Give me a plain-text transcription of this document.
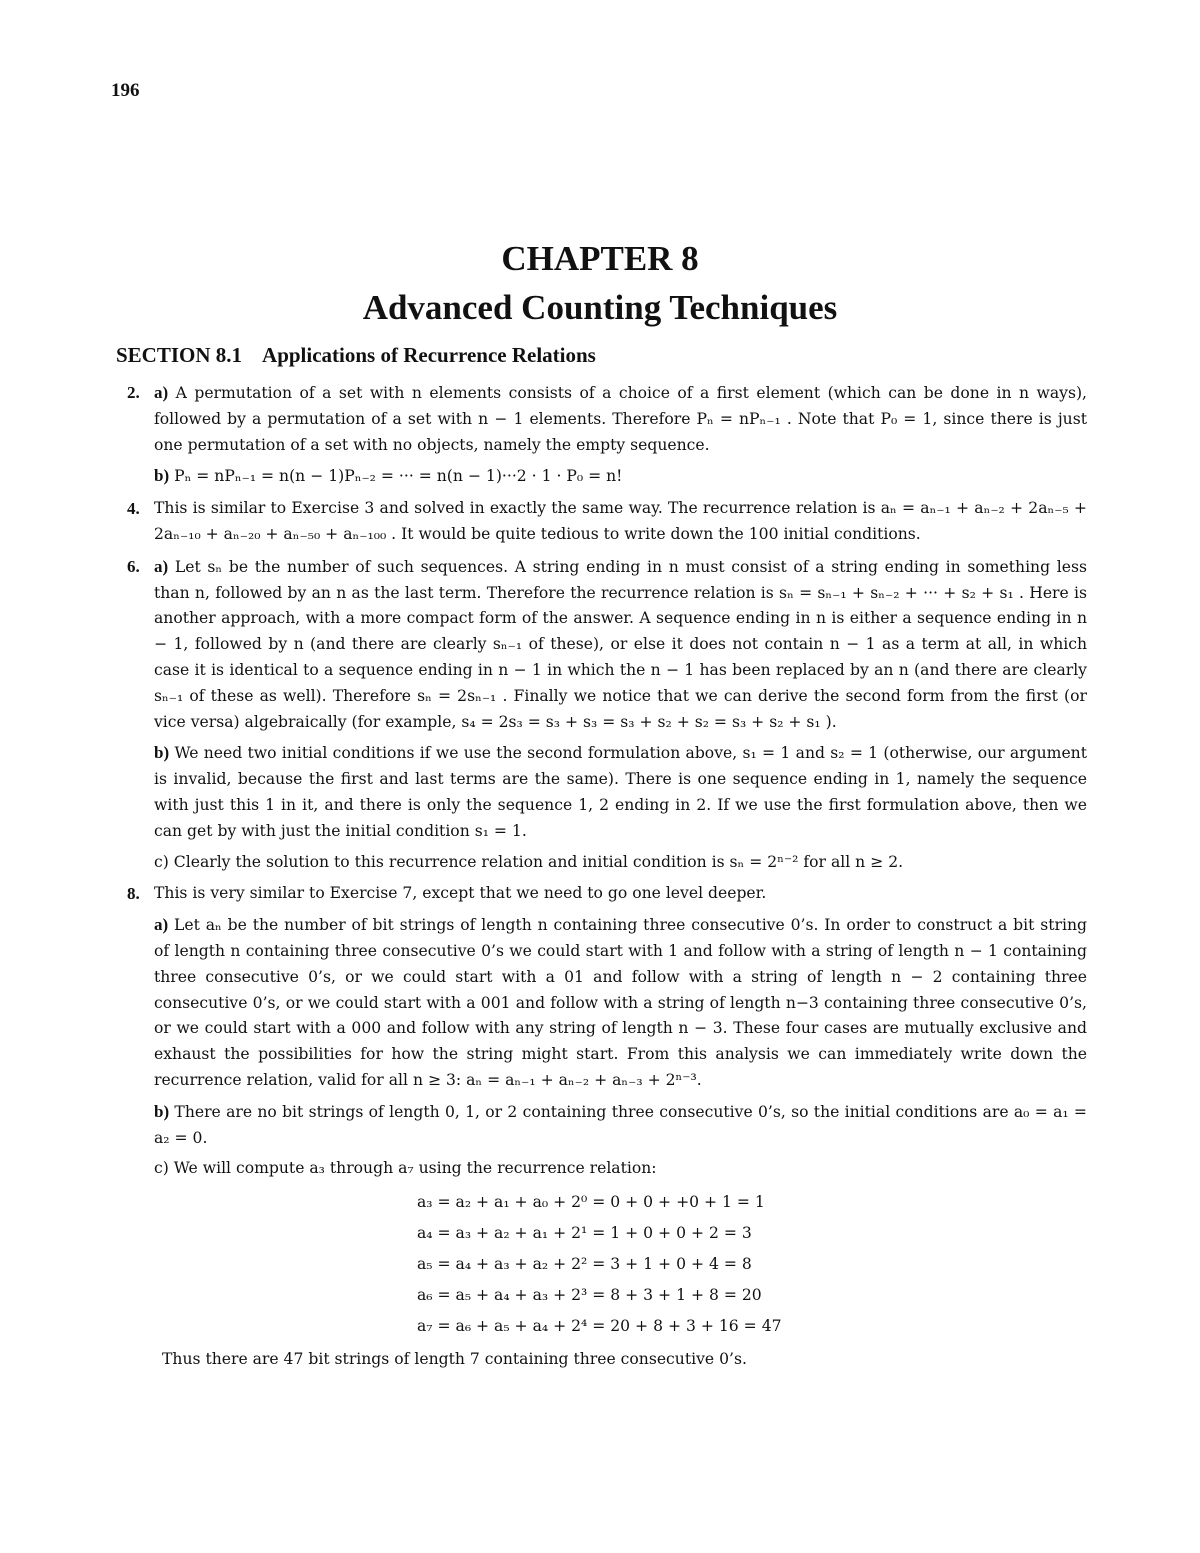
196
CHAPTER 8
Advanced Counting Techniques
SECTION 8.1 Applications of Recurrence Relations
2. a) A permutation of a set with n elements consists of a choice of a first element (which can be done in n ways), followed by a permutation of a set with n − 1 elements. Therefore Pₙ = nPₙ₋₁ . Note that P₀ = 1, since there is just one permutation of a set with no objects, namely the empty sequence.

b) Pₙ = nPₙ₋₁ = n(n − 1)Pₙ₋₂ = ··· = n(n − 1)···2 · 1 · P₀ = n!

4. This is similar to Exercise 3 and solved in exactly the same way. The recurrence relation is aₙ = aₙ₋₁ + aₙ₋₂ + 2aₙ₋₅ + 2aₙ₋₁₀ + aₙ₋₂₀ + aₙ₋₅₀ + aₙ₋₁₀₀ . It would be quite tedious to write down the 100 initial conditions.

6. a) Let sₙ be the number of such sequences. A string ending in n must consist of a string ending in something less than n, followed by an n as the last term. Therefore the recurrence relation is sₙ = sₙ₋₁ + sₙ₋₂ + ··· + s₂ + s₁ . Here is another approach, with a more compact form of the answer. A sequence ending in n is either a sequence ending in n − 1, followed by n (and there are clearly sₙ₋₁ of these), or else it does not contain n − 1 as a term at all, in which case it is identical to a sequence ending in n − 1 in which the n − 1 has been replaced by an n (and there are clearly sₙ₋₁ of these as well). Therefore sₙ = 2sₙ₋₁ . Finally we notice that we can derive the second form from the first (or vice versa) algebraically (for example, s₄ = 2s₃ = s₃ + s₃ = s₃ + s₂ + s₂ = s₃ + s₂ + s₁ ).

b) We need two initial conditions if we use the second formulation above, s₁ = 1 and s₂ = 1 (otherwise, our argument is invalid, because the first and last terms are the same). There is one sequence ending in 1, namely the sequence with just this 1 in it, and there is only the sequence 1, 2 ending in 2. If we use the first formulation above, then we can get by with just the initial condition s₁ = 1.

c) Clearly the solution to this recurrence relation and initial condition is sₙ = 2ⁿ⁻² for all n ≥ 2.

8. This is very similar to Exercise 7, except that we need to go one level deeper.

a) Let aₙ be the number of bit strings of length n containing three consecutive 0’s. In order to construct a bit string of length n containing three consecutive 0’s we could start with 1 and follow with a string of length n − 1 containing three consecutive 0’s, or we could start with a 01 and follow with a string of length n − 2 containing three consecutive 0’s, or we could start with a 001 and follow with a string of length n−3 containing three consecutive 0’s, or we could start with a 000 and follow with any string of length n − 3. These four cases are mutually exclusive and exhaust the possibilities for how the string might start. From this analysis we can immediately write down the recurrence relation, valid for all n ≥ 3: aₙ = aₙ₋₁ + aₙ₋₂ + aₙ₋₃ + 2ⁿ⁻³.

b) There are no bit strings of length 0, 1, or 2 containing three consecutive 0’s, so the initial conditions are a₀ = a₁ = a₂ = 0.

c) We will compute a₃ through a₇ using the recurrence relation:

a₃ = a₂ + a₁ + a₀ + 2⁰ = 0 + 0 + +0 + 1 = 1
a₄ = a₃ + a₂ + a₁ + 2¹ = 1 + 0 + 0 + 2 = 3
a₅ = a₄ + a₃ + a₂ + 2² = 3 + 1 + 0 + 4 = 8
a₆ = a₅ + a₄ + a₃ + 2³ = 8 + 3 + 1 + 8 = 20
a₇ = a₆ + a₅ + a₄ + 2⁴ = 20 + 8 + 3 + 16 = 47

Thus there are 47 bit strings of length 7 containing three consecutive 0’s.
